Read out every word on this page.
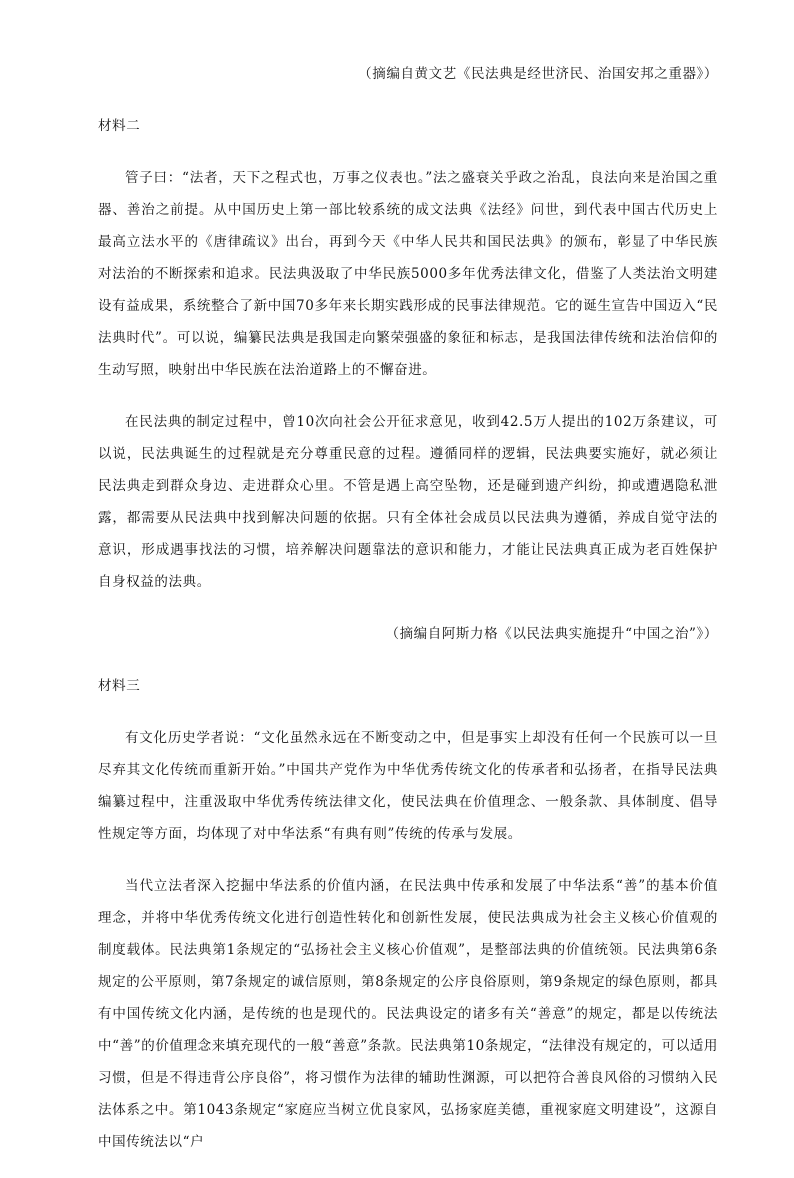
（摘编自黄文艺《民法典是经世济民、治国安邦之重器》）
材料二
管子曰：“法者，天下之程式也，万事之仪表也。”法之盛衰关乎政之治乱，良法向来是治国之重器、善治之前提。从中国历史上第一部比较系统的成文法典《法经》问世，到代表中国古代历史上最高立法水平的《唐律疏议》出台，再到今天《中华人民共和国民法典》的颁布，彰显了中华民族对法治的不断探索和追求。民法典汲取了中华民族5000多年优秀法律文化，借鉴了人类法治文明建设有益成果，系统整合了新中国70多年来长期实践形成的民事法律规范。它的诞生宣告中国迈入“民法典时代”。可以说，编纂民法典是我国走向繁荣强盛的象征和标志，是我国法律传统和法治信仰的生动写照，映射出中华民族在法治道路上的不懈奋进。
在民法典的制定过程中，曾10次向社会公开征求意见，收到42.5万人提出的102万条建议，可以说，民法典诞生的过程就是充分尊重民意的过程。遵循同样的逻辑，民法典要实施好，就必须让民法典走到群众身边、走进群众心里。不管是遇上高空坠物，还是碰到遗产纠纷，抑或遭遇隐私泄露，都需要从民法典中找到解决问题的依据。只有全体社会成员以民法典为遵循，养成自觉守法的意识，形成遇事找法的习惯，培养解决问题靠法的意识和能力，才能让民法典真正成为老百姓保护自身权益的法典。
（摘编自阿斯力格《以民法典实施提升“中国之治”》）
材料三
有文化历史学者说：“文化虽然永远在不断变动之中，但是事实上却没有任何一个民族可以一旦尽弃其文化传统而重新开始。”中国共产党作为中华优秀传统文化的传承者和弘扬者，在指导民法典编纂过程中，注重汲取中华优秀传统法律文化，使民法典在价值理念、一般条款、具体制度、倡导性规定等方面，均体现了对中华法系“有典有则”传统的传承与发展。
当代立法者深入挖掘中华法系的价值内涵，在民法典中传承和发展了中华法系“善”的基本价值理念，并将中华优秀传统文化进行创造性转化和创新性发展，使民法典成为社会主义核心价值观的制度载体。民法典第1条规定的“弘扬社会主义核心价值观”，是整部法典的价值统领。民法典第6条规定的公平原则，第7条规定的诚信原则，第8条规定的公序良俗原则，第9条规定的绿色原则，都具有中国传统文化内涵，是传统的也是现代的。民法典设定的诸多有关“善意”的规定，都是以传统法中“善”的价值理念来填充现代的一般“善意”条款。民法典第10条规定，“法律没有规定的，可以适用习惯，但是不得违背公序良俗”，将习惯作为法律的辅助性渊源，可以把符合善良风俗的习惯纳入民法体系之中。第1043条规定“家庭应当树立优良家风，弘扬家庭美德，重视家庭文明建设”，这源自中国传统法以“户
